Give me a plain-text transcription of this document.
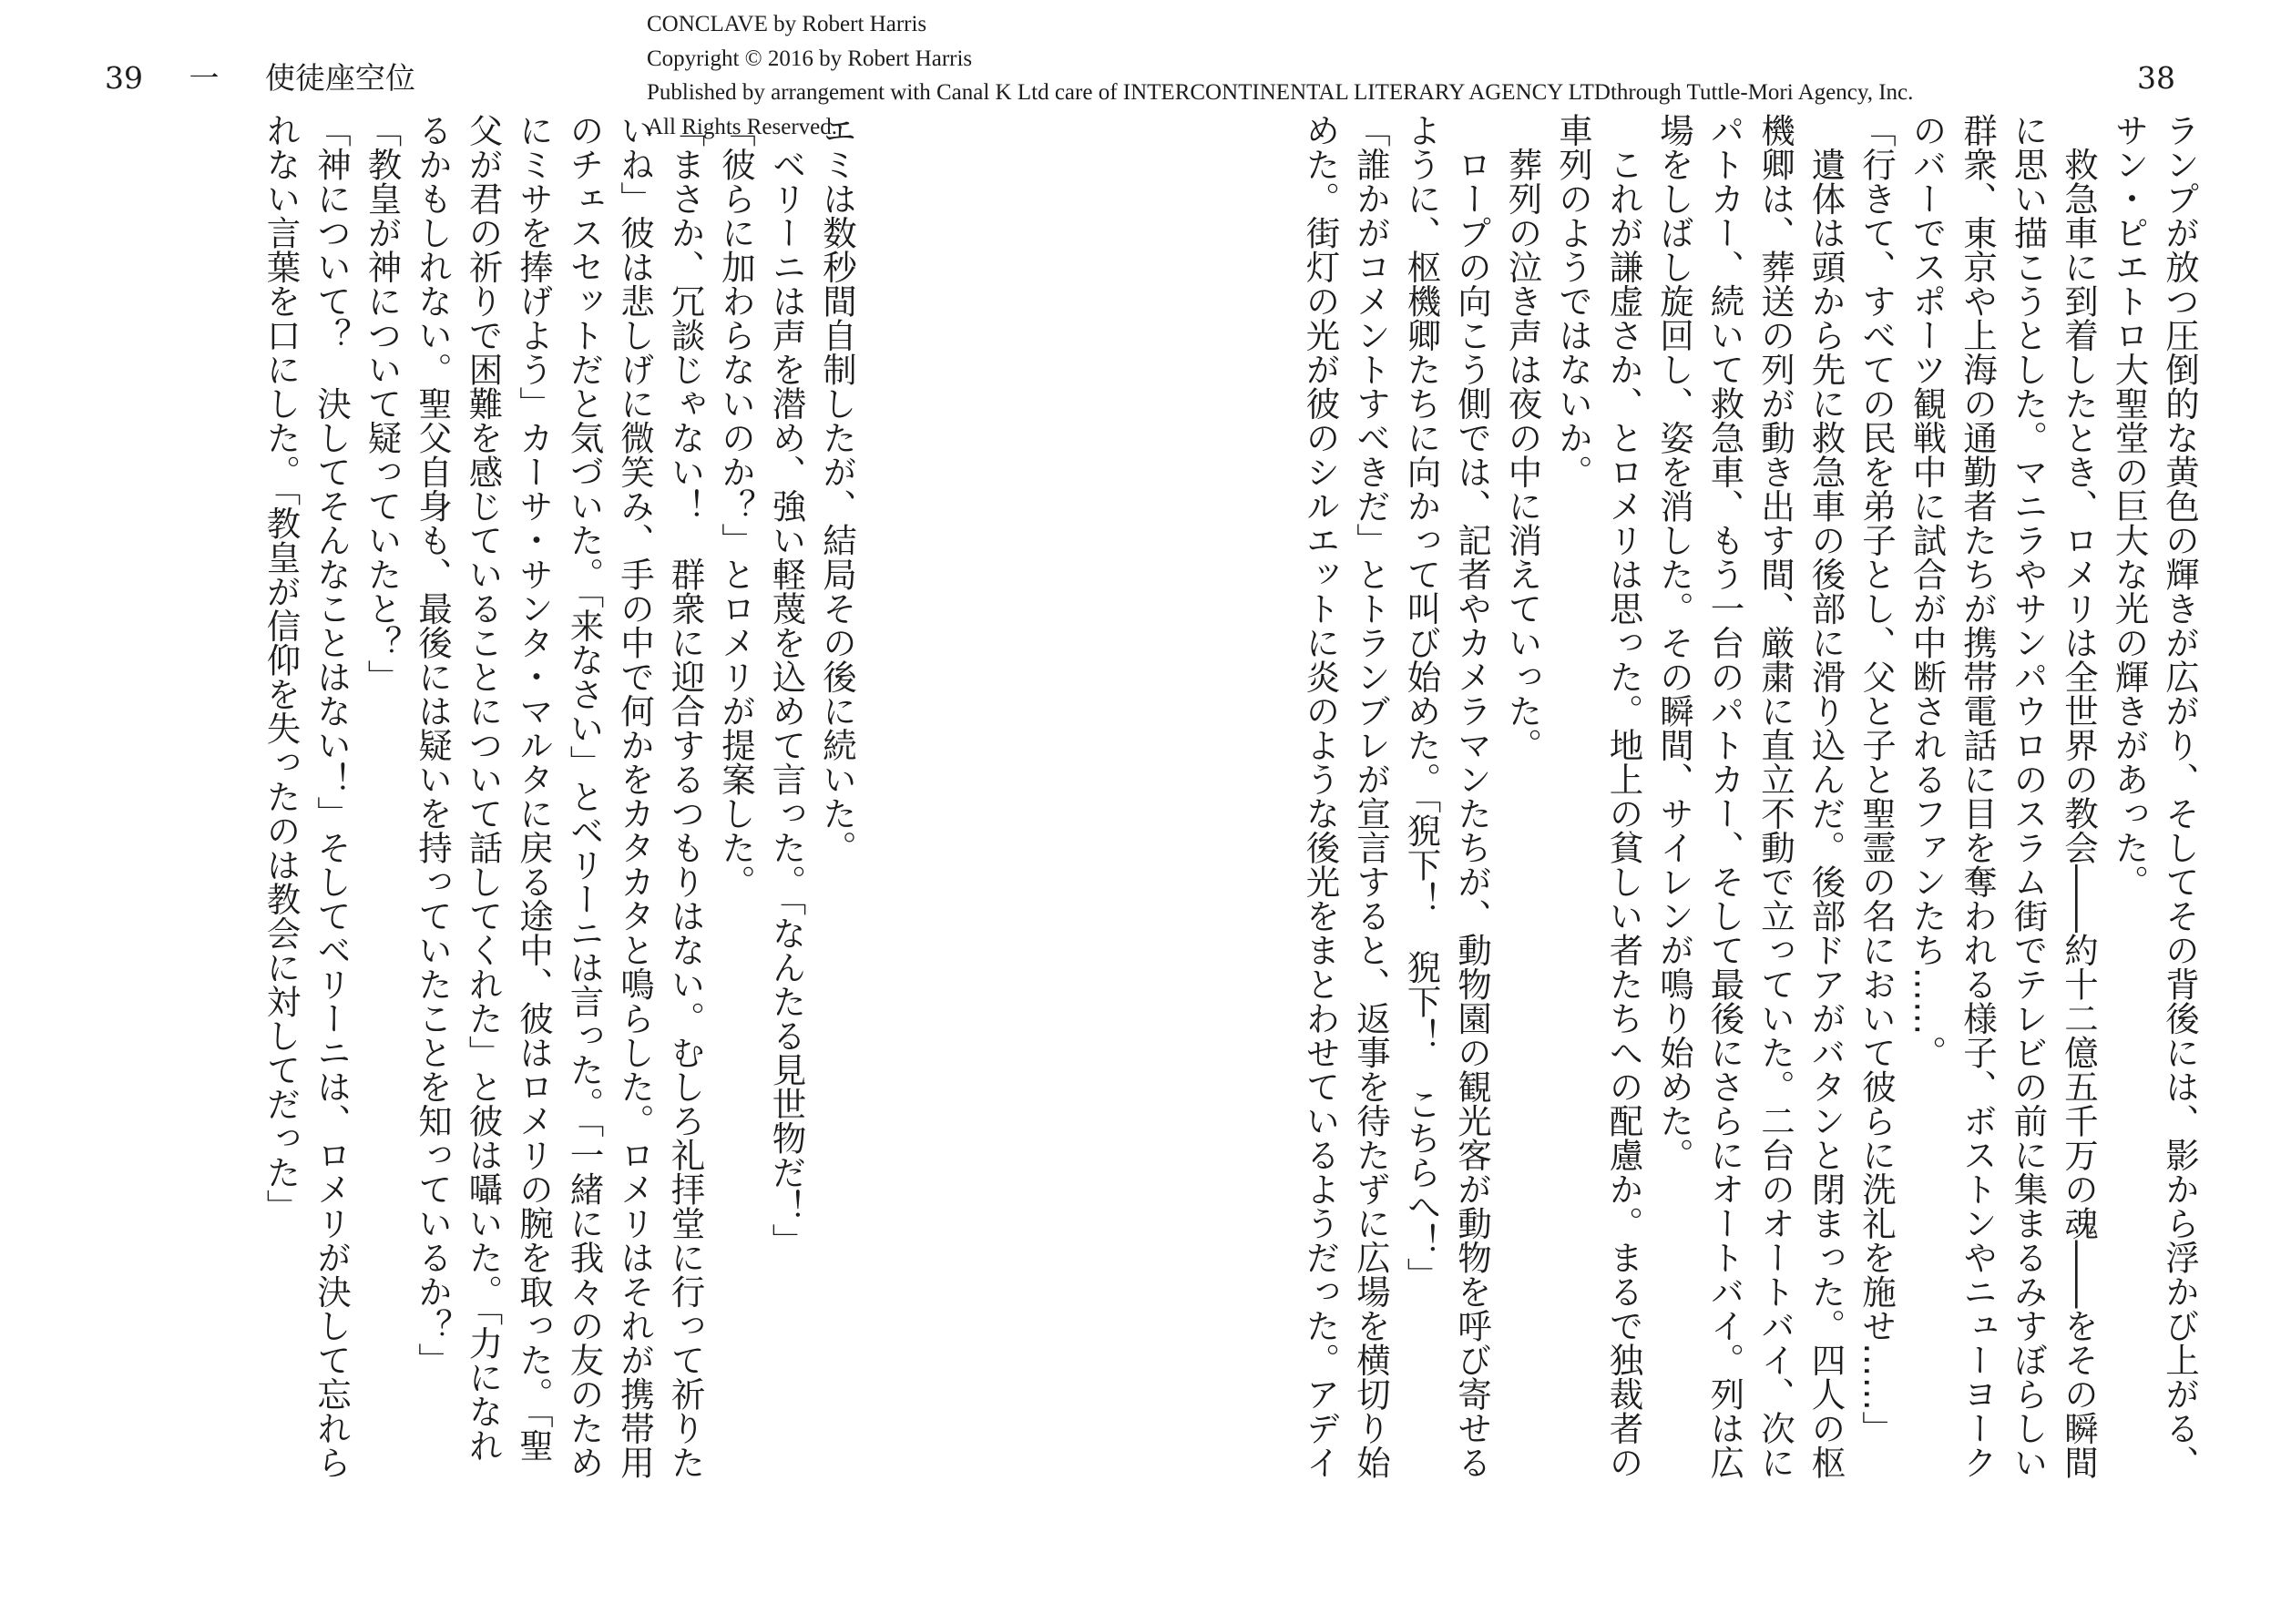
39 一 使徒座空位	38
CONCLAVE by Robert Harris
Copyright © 2016 by Robert Harris
Published by arrangement with Canal K Ltd care of INTERCONTINENTAL LITERARY AGENCY LTDthrough Tuttle-Mori Agency, Inc.
All Rights Reserved.	ランプが放つ圧倒的な黄色の輝きが広がり、そしてその背後には、影から浮かび上がる、

サン・ピエトロ大聖堂の巨大な光の輝きがあった。

　救急車に到着したとき、ロメリは全世界の教会――約十二億五千万の魂――をその瞬間

に思い描こうとした。マニラやサンパウロのスラム街でテレビの前に集まるみすぼらしい

群衆、東京や上海の通勤者たちが携帯電話に目を奪われる様子、ボストンやニューヨーク

のバーでスポーツ観戦中に試合が中断されるファンたち……。

「行きて、すべての民を弟子とし、父と子と聖霊の名において彼らに洗礼を施せ……」

　遺体は頭から先に救急車の後部に滑り込んだ。後部ドアがバタンと閉まった。四人の枢

機卿は、葬送の列が動き出す間、厳粛に直立不動で立っていた。二台のオートバイ、次に

パトカー、続いて救急車、もう一台のパトカー、そして最後にさらにオートバイ。列は広

場をしばし旋回し、姿を消した。その瞬間、サイレンが鳴り始めた。

　これが謙虚さか、とロメリは思った。地上の貧しい者たちへの配慮か。まるで独裁者の

車列のようではないか。

　葬列の泣き声は夜の中に消えていった。

　ロープの向こう側では、記者やカメラマンたちが、動物園の観光客が動物を呼び寄せる

ように、枢機卿たちに向かって叫び始めた。「猊下！　猊下！　こちらへ！」

「誰かがコメントすべきだ」とトランブレが宣言すると、返事を待たずに広場を横切り始

めた。街灯の光が彼のシルエットに炎のような後光をまとわせているようだった。アデイ

エミは数秒間自制したが、結局その後に続いた。

　ベリーニは声を潜め、強い軽蔑を込めて言った。「なんたる見世物だ！」

「彼らに加わらないのか？」とロメリが提案した。

「まさか、冗談じゃない！　群衆に迎合するつもりはない。むしろ礼拝堂に行って祈りた

いね」彼は悲しげに微笑み、手の中で何かをカタカタと鳴らした。ロメリはそれが携帯用

のチェスセットだと気づいた。「来なさい」とベリーニは言った。「一緒に我々の友のため

にミサを捧げよう」カーサ・サンタ・マルタに戻る途中、彼はロメリの腕を取った。「聖

父が君の祈りで困難を感じていることについて話してくれた」と彼は囁いた。「力になれ

るかもしれない。聖父自身も、最後には疑いを持っていたことを知っているか？」

「教皇が神について疑っていたと？」

「神について？　決してそんなことはない！」そしてベリーニは、ロメリが決して忘れら

れない言葉を口にした。「教皇が信仰を失ったのは教会に対してだった」
